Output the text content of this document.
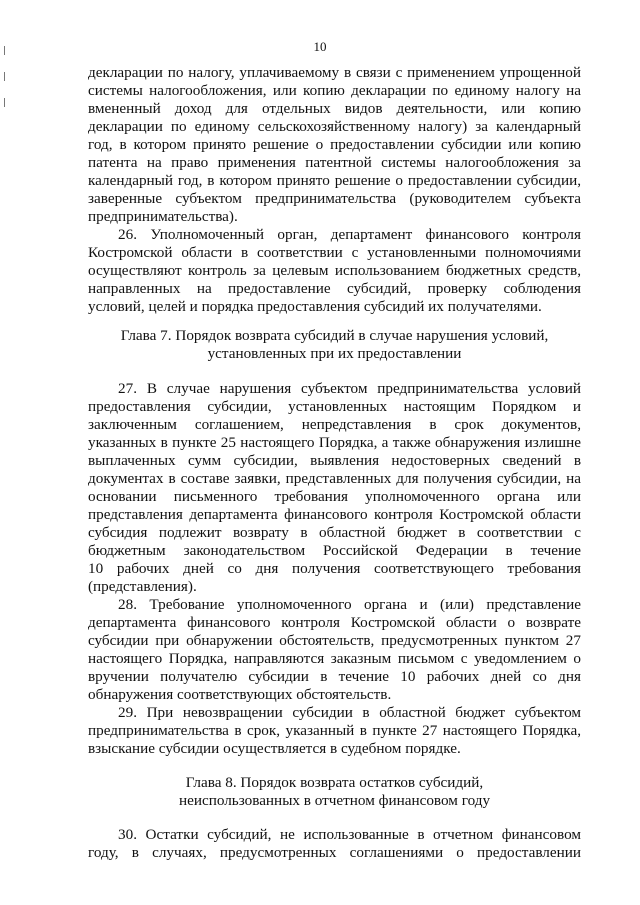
10
декларации по налогу, уплачиваемому в связи с применением упрощенной
системы налогообложения, или копию декларации по единому налогу на
вмененный доход для отдельных видов деятельности, или копию
декларации по единому сельскохозяйственному налогу) за календарный
год, в котором принято решение о предоставлении субсидии или копию
патента на право применения патентной системы налогообложения за
календарный год, в котором принято решение о предоставлении субсидии,
заверенные субъектом предпринимательства (руководителем субъекта
предпринимательства).
26. Уполномоченный орган, департамент финансового контроля
Костромской области в соответствии с установленными полномочиями
осуществляют контроль за целевым использованием бюджетных средств,
направленных на предоставление субсидий, проверку соблюдения
условий, целей и порядка предоставления субсидий их получателями.
Глава 7. Порядок возврата субсидий в случае нарушения условий,
установленных при их предоставлении
27. В случае нарушения субъектом предпринимательства условий
предоставления субсидии, установленных настоящим Порядком и
заключенным соглашением, непредставления в срок документов,
указанных в пункте 25 настоящего Порядка, а также обнаружения излишне
выплаченных сумм субсидии, выявления недостоверных сведений в
документах в составе заявки, представленных для получения субсидии, на
основании письменного требования уполномоченного органа или
представления департамента финансового контроля Костромской области
субсидия подлежит возврату в областной бюджет в соответствии с
бюджетным законодательством Российской Федерации в течение
10 рабочих дней со дня получения соответствующего требования
(представления).
28. Требование уполномоченного органа и (или) представление
департамента финансового контроля Костромской области о возврате
субсидии при обнаружении обстоятельств, предусмотренных пунктом 27
настоящего Порядка, направляются заказным письмом с уведомлением о
вручении получателю субсидии в течение 10 рабочих дней со дня
обнаружения соответствующих обстоятельств.
29. При невозвращении субсидии в областной бюджет субъектом
предпринимательства в срок, указанный в пункте 27 настоящего Порядка,
взыскание субсидии осуществляется в судебном порядке.
Глава 8. Порядок возврата остатков субсидий,
неиспользованных в отчетном финансовом году
30. Остатки субсидий, не использованные в отчетном финансовом
году, в случаях, предусмотренных соглашениями о предоставлении
